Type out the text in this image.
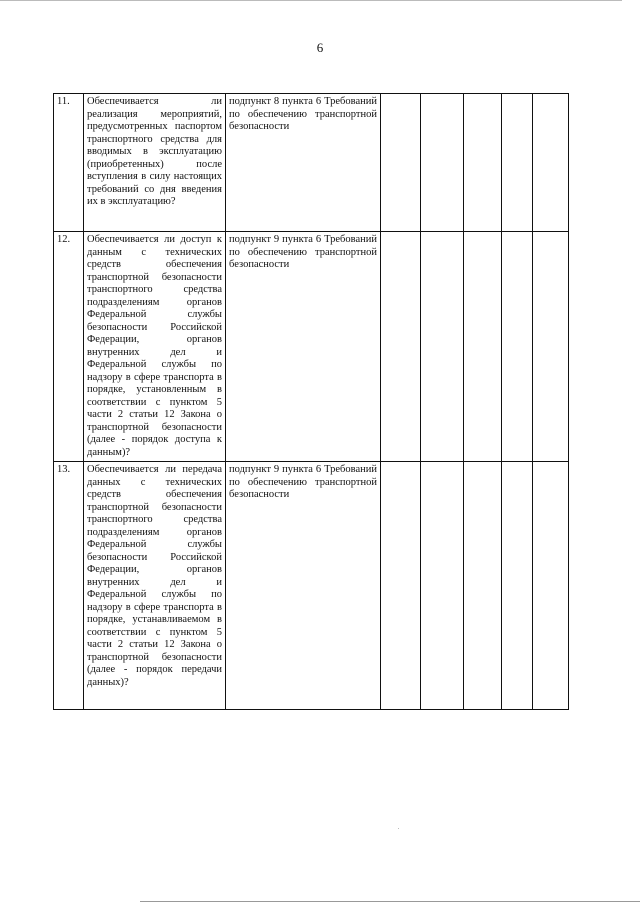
6
11.	Обеспечивается ли реализация мероприятий, предусмотренных паспортом транспортного средства для вводимых в эксплуатацию (приобретенных) после вступления в силу настоящих требований со дня введения их в эксплуатацию?	подпункт 8 пункта 6 Требований по обеспечению транспортной безопасности					
12.	Обеспечивается ли доступ к данным с технических средств обеспечения транспортной безопасности транспортного средства подразделениям органов Федеральной службы безопасности Российской Федерации, органов внутренних дел и Федеральной службы по надзору в сфере транспорта в порядке, установленным в соответствии с пунктом 5 части 2 статьи 12 Закона о транспортной безопасности (далее - порядок доступа к данным)?	подпункт 9 пункта 6 Требований по обеспечению транспортной безопасности					
13.	Обеспечивается ли передача данных с технических средств обеспечения транспортной безопасности транспортного средства подразделениям органов Федеральной службы безопасности Российской Федерации, органов внутренних дел и Федеральной службы по надзору в сфере транспорта в порядке, устанавливаемом в соответствии с пунктом 5 части 2 статьи 12 Закона о транспортной безопасности (далее - порядок передачи данных)?	подпункт 9 пункта 6 Требований по обеспечению транспортной безопасности					
